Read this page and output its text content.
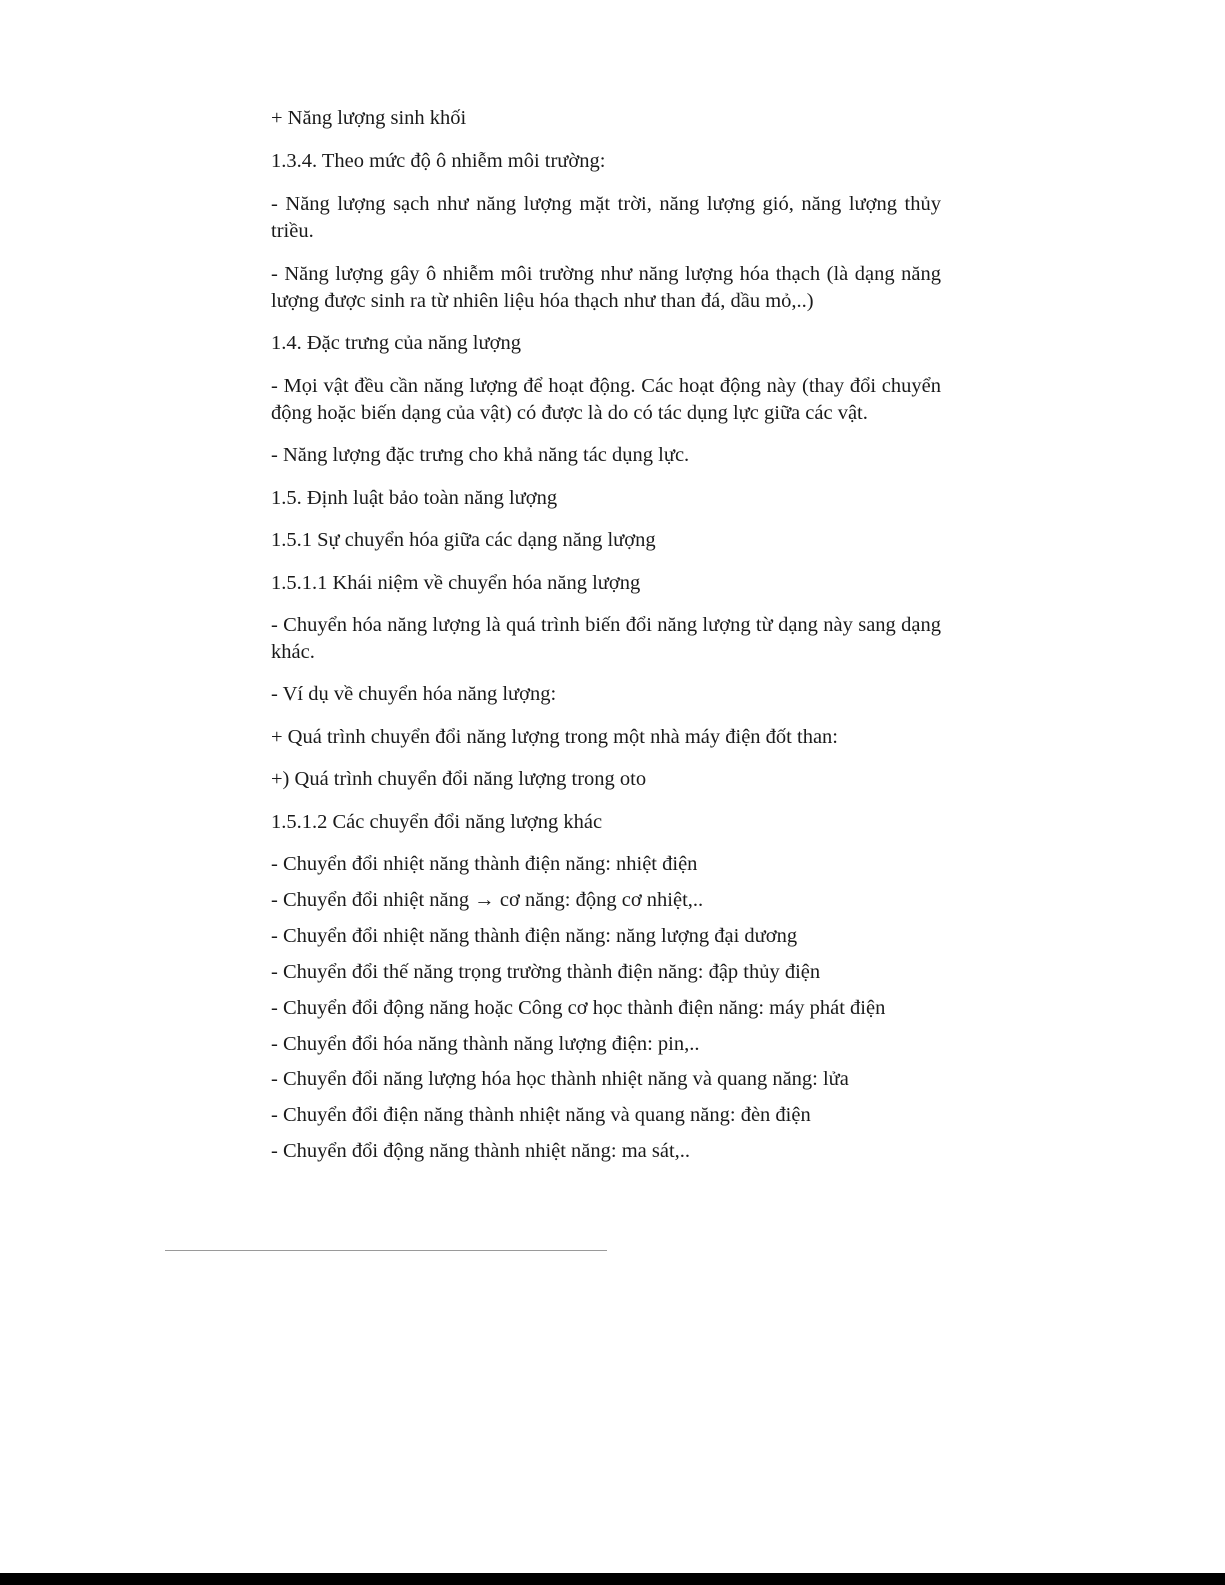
+ Năng lượng sinh khối

1.3.4. Theo mức độ ô nhiễm môi trường:

- Năng lượng sạch như năng lượng mặt trời, năng lượng gió, năng lượng thủy triều.

- Năng lượng gây ô nhiễm môi trường như năng lượng hóa thạch (là dạng năng lượng được sinh ra từ nhiên liệu hóa thạch như than đá, dầu mỏ,..)

1.4. Đặc trưng của năng lượng

- Mọi vật đều cần năng lượng để hoạt động. Các hoạt động này (thay đổi chuyển động hoặc biến dạng của vật) có được là do có tác dụng lực giữa các vật.

- Năng lượng đặc trưng cho khả năng tác dụng lực.

1.5. Định luật bảo toàn năng lượng

1.5.1 Sự chuyển hóa giữa các dạng năng lượng

1.5.1.1 Khái niệm về chuyển hóa năng lượng

- Chuyển hóa năng lượng là quá trình biến đổi năng lượng từ dạng này sang dạng khác.

- Ví dụ về chuyển hóa năng lượng:

+ Quá trình chuyển đổi năng lượng trong một nhà máy điện đốt than:

+) Quá trình chuyển đổi năng lượng trong oto

1.5.1.2 Các chuyển đổi năng lượng khác

- Chuyển đổi nhiệt năng thành điện năng: nhiệt điện

- Chuyển đổi nhiệt năng → cơ năng: động cơ nhiệt,..

- Chuyển đổi nhiệt năng thành điện năng: năng lượng đại dương

- Chuyển đổi thế năng trọng trường thành điện năng: đập thủy điện

- Chuyển đổi động năng hoặc Công cơ học thành điện năng: máy phát điện

- Chuyển đổi hóa năng thành năng lượng điện: pin,..

- Chuyển đổi năng lượng hóa học thành nhiệt năng và quang năng: lửa

- Chuyển đổi điện năng thành nhiệt năng và quang năng: đèn điện

- Chuyển đổi động năng thành nhiệt năng: ma sát,..
